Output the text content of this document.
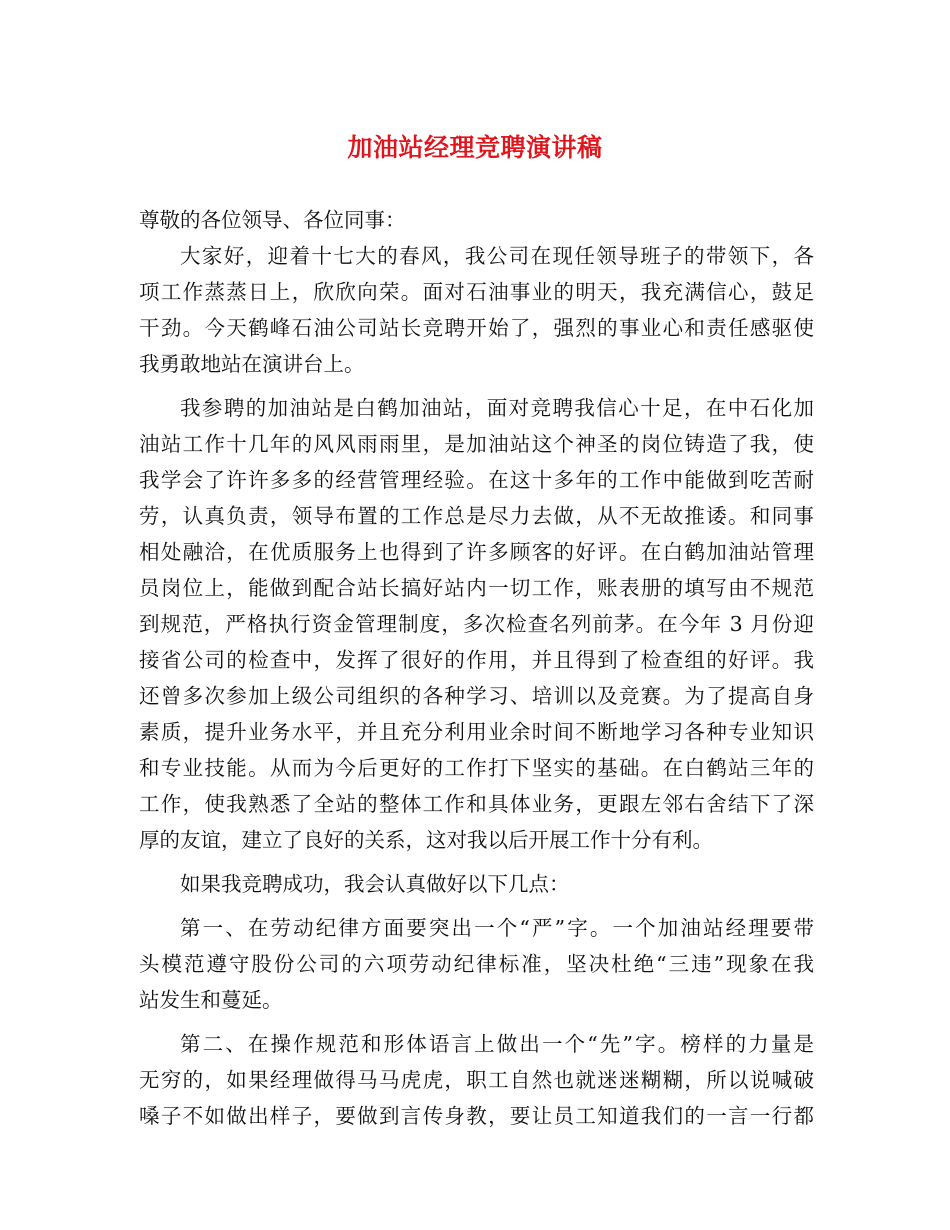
加油站经理竞聘演讲稿
尊敬的各位领导、各位同事：
大家好，迎着十七大的春风，我公司在现任领导班子的带领下，各
项工作蒸蒸日上，欣欣向荣。面对石油事业的明天，我充满信心，鼓足
干劲。今天鹤峰石油公司站长竞聘开始了，强烈的事业心和责任感驱使
我勇敢地站在演讲台上。
我参聘的加油站是白鹤加油站，面对竞聘我信心十足，在中石化加
油站工作十几年的风风雨雨里，是加油站这个神圣的岗位铸造了我，使
我学会了许许多多的经营管理经验。在这十多年的工作中能做到吃苦耐
劳，认真负责，领导布置的工作总是尽力去做，从不无故推诿。和同事
相处融洽，在优质服务上也得到了许多顾客的好评。在白鹤加油站管理
员岗位上，能做到配合站长搞好站内一切工作，账表册的填写由不规范
到规范，严格执行资金管理制度，多次检查名列前茅。在今年 3 月份迎
接省公司的检查中，发挥了很好的作用，并且得到了检查组的好评。我
还曾多次参加上级公司组织的各种学习、培训以及竞赛。为了提高自身
素质，提升业务水平，并且充分利用业余时间不断地学习各种专业知识
和专业技能。从而为今后更好的工作打下坚实的基础。在白鹤站三年的
工作，使我熟悉了全站的整体工作和具体业务，更跟左邻右舍结下了深
厚的友谊，建立了良好的关系，这对我以后开展工作十分有利。
如果我竞聘成功，我会认真做好以下几点：
第一、在劳动纪律方面要突出一个“严”字。一个加油站经理要带
头模范遵守股份公司的六项劳动纪律标准，坚决杜绝“三违”现象在我
站发生和蔓延。
第二、在操作规范和形体语言上做出一个“先”字。榜样的力量是
无穷的，如果经理做得马马虎虎，职工自然也就迷迷糊糊，所以说喊破
嗓子不如做出样子，要做到言传身教，要让员工知道我们的一言一行都
